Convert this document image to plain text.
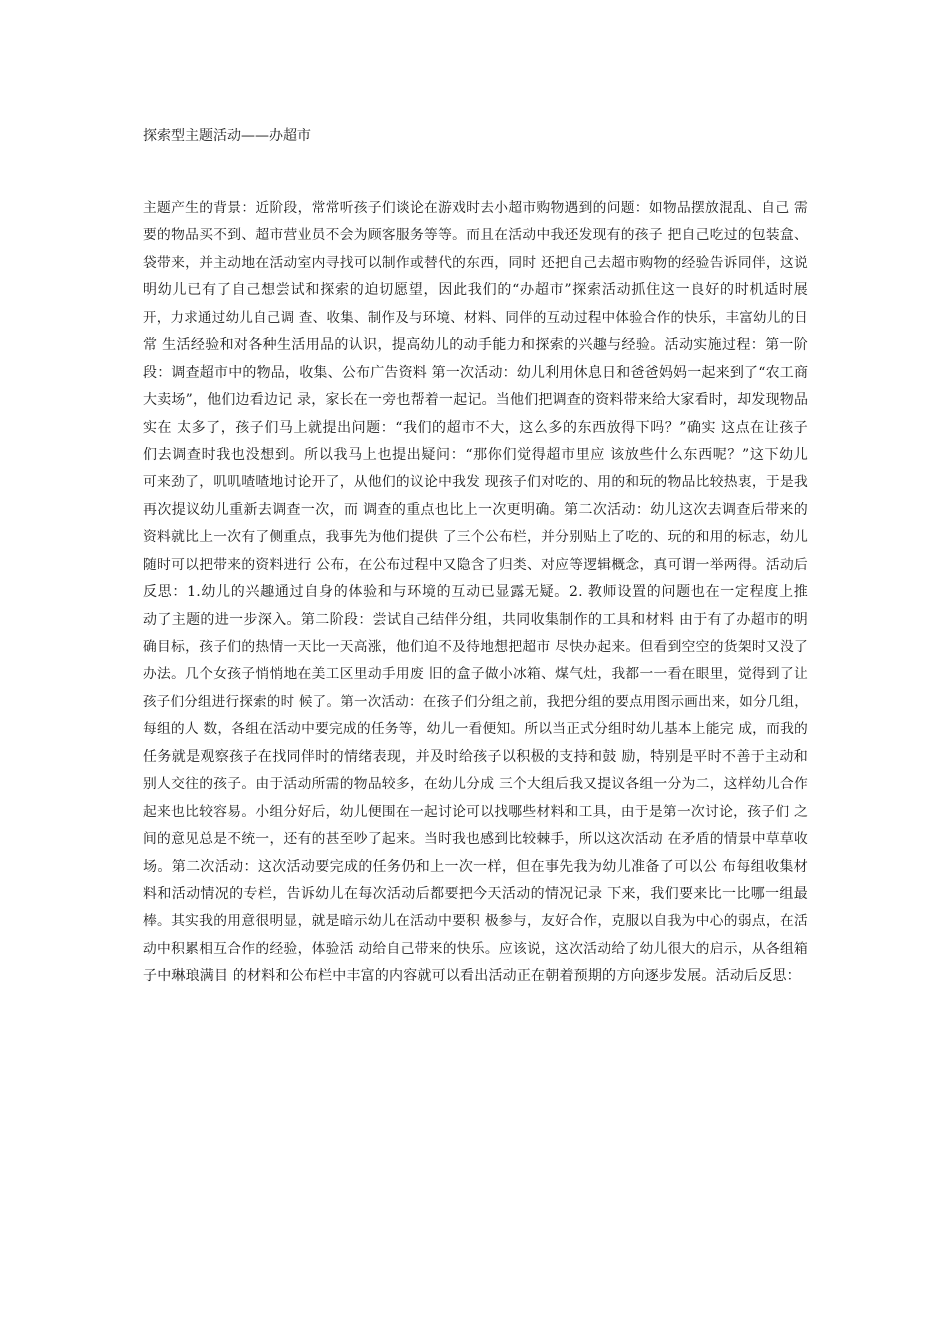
探索型主题活动——办超市
主题产生的背景：近阶段，常常听孩子们谈论在游戏时去小超市购物遇到的问题：如物品摆放混乱、自己 需
要的物品买不到、超市营业员不会为顾客服务等等。而且在活动中我还发现有的孩子 把自己吃过的包装盒、
袋带来，并主动地在活动室内寻找可以制作或替代的东西，同时 还把自己去超市购物的经验告诉同伴，这说
明幼儿已有了自己想尝试和探索的迫切愿望，因此我们的“办超市”探索活动抓住这一良好的时机适时展
开，力求通过幼儿自己调 查、收集、制作及与环境、材料、同伴的互动过程中体验合作的快乐，丰富幼儿的日
常 生活经验和对各种生活用品的认识，提高幼儿的动手能力和探索的兴趣与经验。活动实施过程：第一阶
段：调查超市中的物品，收集、公布广告资料 第一次活动：幼儿利用休息日和爸爸妈妈一起来到了“农工商
大卖场”，他们边看边记 录，家长在一旁也帮着一起记。当他们把调查的资料带来给大家看时，却发现物品
实在 太多了，孩子们马上就提出问题：“我们的超市不大，这么多的东西放得下吗？”确实 这点在让孩子
们去调查时我也没想到。所以我马上也提出疑问：“那你们觉得超市里应 该放些什么东西呢？”这下幼儿
可来劲了，叽叽喳喳地讨论开了，从他们的议论中我发 现孩子们对吃的、用的和玩的物品比较热衷，于是我
再次提议幼儿重新去调查一次，而 调查的重点也比上一次更明确。第二次活动：幼儿这次去调查后带来的
资料就比上一次有了侧重点，我事先为他们提供 了三个公布栏，并分别贴上了吃的、玩的和用的标志，幼儿
随时可以把带来的资料进行 公布，在公布过程中又隐含了归类、对应等逻辑概念，真可谓一举两得。活动后
反思：1.幼儿的兴趣通过自身的体验和与环境的互动已显露无疑。2. 教师设置的问题也在一定程度上推
动了主题的进一步深入。第二阶段：尝试自己结伴分组，共同收集制作的工具和材料 由于有了办超市的明
确目标，孩子们的热情一天比一天高涨，他们迫不及待地想把超市 尽快办起来。但看到空空的货架时又没了
办法。几个女孩子悄悄地在美工区里动手用废 旧的盒子做小冰箱、煤气灶，我都一一看在眼里，觉得到了让
孩子们分组进行探索的时 候了。第一次活动：在孩子们分组之前，我把分组的要点用图示画出来，如分几组，
每组的人 数，各组在活动中要完成的任务等，幼儿一看便知。所以当正式分组时幼儿基本上能完 成，而我的
任务就是观察孩子在找同伴时的情绪表现，并及时给孩子以积极的支持和鼓 励，特别是平时不善于主动和
别人交往的孩子。由于活动所需的物品较多，在幼儿分成 三个大组后我又提议各组一分为二，这样幼儿合作
起来也比较容易。小组分好后，幼儿便围在一起讨论可以找哪些材料和工具，由于是第一次讨论，孩子们 之
间的意见总是不统一，还有的甚至吵了起来。当时我也感到比较棘手，所以这次活动 在矛盾的情景中草草收
场。第二次活动：这次活动要完成的任务仍和上一次一样，但在事先我为幼儿准备了可以公 布每组收集材
料和活动情况的专栏，告诉幼儿在每次活动后都要把今天活动的情况记录 下来，我们要来比一比哪一组最
棒。其实我的用意很明显，就是暗示幼儿在活动中要积 极参与，友好合作，克服以自我为中心的弱点，在活
动中积累相互合作的经验，体验活 动给自己带来的快乐。应该说，这次活动给了幼儿很大的启示，从各组箱
子中琳琅满目 的材料和公布栏中丰富的内容就可以看出活动正在朝着预期的方向逐步发展。活动后反思：
